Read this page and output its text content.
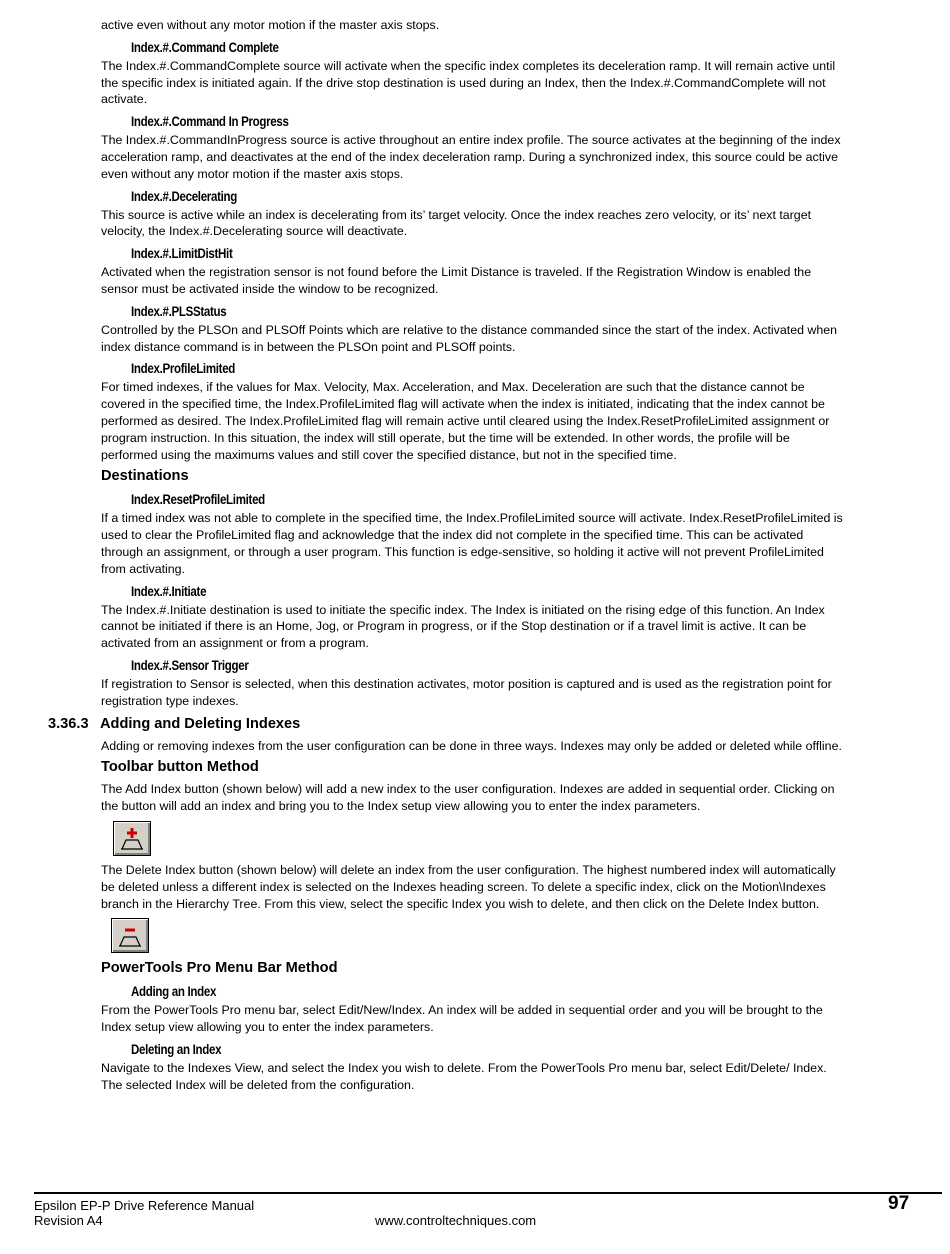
active even without any motor motion if the master axis stops.

Index.#.Command Complete

The Index.#.CommandComplete source will activate when the specific index completes its deceleration ramp. It will remain active until the specific index is initiated again. If the drive stop destination is used during an Index, then the Index.#.CommandComplete will not activate.

Index.#.Command In Progress

The Index.#.CommandInProgress source is active throughout an entire index profile. The source activates at the beginning of the index acceleration ramp, and deactivates at the end of the index deceleration ramp. During a synchronized index, this source could be active even without any motor motion if the master axis stops.

Index.#.Decelerating

This source is active while an index is decelerating from its’ target velocity. Once the index reaches zero velocity, or its’ next target velocity, the Index.#.Decelerating source will deactivate.

Index.#.LimitDistHit

Activated when the registration sensor is not found before the Limit Distance is traveled. If the Registration Window is enabled the sensor must be activated inside the window to be recognized.

Index.#.PLSStatus

Controlled by the PLSOn and PLSOff Points which are relative to the distance commanded since the start of the index. Activated when index distance command is in between the PLSOn point and PLSOff points.

Index.ProfileLimited

For timed indexes, if the values for Max. Velocity, Max. Acceleration, and Max. Deceleration are such that the distance cannot be covered in the specified time, the Index.ProfileLimited flag will activate when the index is initiated, indicating that the index cannot be performed as desired. The Index.ProfileLimited flag will remain active until cleared using the Index.ResetProfileLimited assignment or program instruction. In this situation, the index will still operate, but the time will be extended. In other words, the profile will be performed using the maximums values and still cover the specified distance, but not in the specified time.

Destinations
Index.ResetProfileLimited

If a timed index was not able to complete in the specified time, the Index.ProfileLimited source will activate. Index.ResetProfileLimited is used to clear the ProfileLimited flag and acknowledge that the index did not complete in the specified time. This can be activated through an assignment, or through a user program. This function is edge-sensitive, so holding it active will not prevent ProfileLimited from activating.

Index.#.Initiate

The Index.#.Initiate destination is used to initiate the specific index. The Index is initiated on the rising edge of this function. An Index cannot be initiated if there is an Home, Jog, or Program in progress, or if the Stop destination or if a travel limit is active. It can be activated from an assignment or from a program.

Index.#.Sensor Trigger

If registration to Sensor is selected, when this destination activates, motor position is captured and is used as the registration point for registration type indexes.

3.36.3 Adding and Deleting Indexes

Adding or removing indexes from the user configuration can be done in three ways. Indexes may only be added or deleted while offline.

Toolbar button Method

The Add Index button (shown below) will add a new index to the user configuration. Indexes are added in sequential order. Clicking on the button will add an index and bring you to the Index setup view allowing you to enter the index parameters.

The Delete Index button (shown below) will delete an index from the user configuration. The highest numbered index will automatically be deleted unless a different index is selected on the Indexes heading screen. To delete a specific index, click on the Motion\Indexes branch in the Hierarchy Tree. From this view, select the specific Index you wish to delete, and then click on the Delete Index button.

PowerTools Pro Menu Bar Method
Adding an Index

From the PowerTools Pro menu bar, select Edit/New/Index. An index will be added in sequential order and you will be brought to the Index setup view allowing you to enter the index parameters.

Deleting an Index

Navigate to the Indexes View, and select the Index you wish to delete. From the PowerTools Pro menu bar, select Edit/Delete/ Index. The selected Index will be deleted from the configuration.

Epsilon EP-P Drive Reference Manual
Revision A4	www.controltechniques.com
97
